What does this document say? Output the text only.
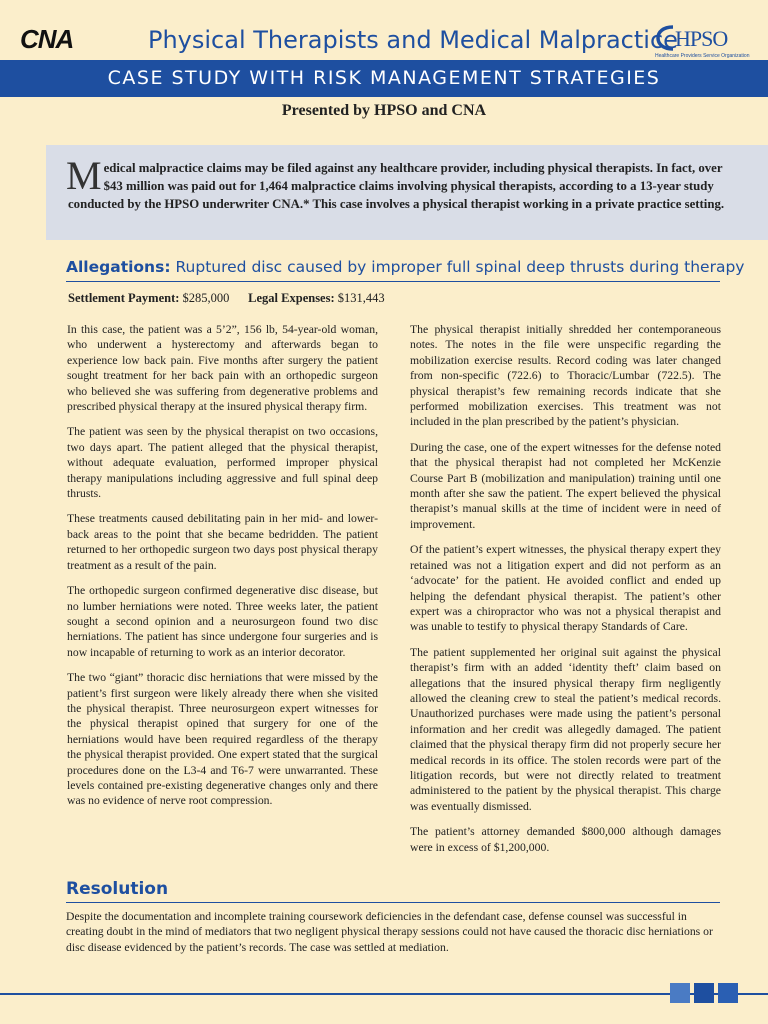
CNA	Physical Therapists and Medical Malpractice
HPSO
Healthcare Providers Service Organization
CASE STUDY WITH RISK MANAGEMENT STRATEGIES
Presented by HPSO and CNA
Medical malpractice claims may be filed against any healthcare provider, including physical therapists. In fact, over $43 million was paid out for 1,464 malpractice claims involving physical therapists, according to a 13-year study conducted by the HPSO underwriter CNA.* This case involves a physical therapist working in a private practice setting.
Allegations: Ruptured disc caused by improper full spinal deep thrusts during therapy
Settlement Payment: $285,000 Legal Expenses: $131,443

In this case, the patient was a 5’2”, 156 lb, 54-year-old woman, who underwent a hysterectomy and afterwards began to experience low back pain. Five months after surgery the patient sought treatment for her back pain with an orthopedic surgeon who believed she was suffering from degenerative problems and prescribed physical therapy at the insured physical therapy firm.

The patient was seen by the physical therapist on two occasions, two days apart. The patient alleged that the physical therapist, without adequate evaluation, performed improper physical therapy manipulations including aggressive and full spinal deep thrusts.

These treatments caused debilitating pain in her mid- and lower-back areas to the point that she became bedridden. The patient returned to her orthopedic surgeon two days post physical therapy treatment as a result of the pain.

The orthopedic surgeon confirmed degenerative disc disease, but no lumber herniations were noted. Three weeks later, the patient sought a second opinion and a neurosurgeon found two disc herniations. The patient has since undergone four surgeries and is now incapable of returning to work as an interior decorator.

The two “giant” thoracic disc herniations that were missed by the patient’s first surgeon were likely already there when she visited the physical therapist. Three neurosurgeon expert witnesses for the physical therapist opined that surgery for one of the herniations would have been required regardless of the therapy the physical therapist provided. One expert stated that the surgical procedures done on the L3-4 and T6-7 were unwarranted. These levels contained pre-existing degenerative changes only and there was no evidence of nerve root compression.

The physical therapist initially shredded her contemporaneous notes. The notes in the file were unspecific regarding the mobilization exercise results. Record coding was later changed from non-specific (722.6) to Thoracic/Lumbar (722.5). The physical therapist’s few remaining records indicate that she performed mobilization exercises. This treatment was not included in the plan prescribed by the patient’s physician.

During the case, one of the expert witnesses for the defense noted that the physical therapist had not completed her McKenzie Course Part B (mobilization and manipulation) training until one month after she saw the patient. The expert believed the physical therapist’s manual skills at the time of incident were in need of improvement.

Of the patient’s expert witnesses, the physical therapy expert they retained was not a litigation expert and did not perform as an ‘advocate’ for the patient. He avoided conflict and ended up helping the defendant physical therapist. The patient’s other expert was a chiropractor who was not a physical therapist and was unable to testify to physical therapy Standards of Care.

The patient supplemented her original suit against the physical therapist’s firm with an added ‘identity theft’ claim based on allegations that the insured physical therapy firm negligently allowed the cleaning crew to steal the patient’s medical records. Unauthorized purchases were made using the patient’s personal information and her credit was allegedly damaged. The patient claimed that the physical therapy firm did not properly secure her medical records in its office. The stolen records were part of the litigation records, but were not directly related to treatment administered to the patient by the physical therapist. This charge was eventually dismissed.

The patient’s attorney demanded $800,000 although damages were in excess of $1,200,000.

Resolution
Despite the documentation and incomplete training coursework deficiencies in the defendant case, defense counsel was successful in creating doubt in the mind of mediators that two negligent physical therapy sessions could not have caused the thoracic disc herniations or disc disease evidenced by the patient’s records. The case was settled at mediation.
